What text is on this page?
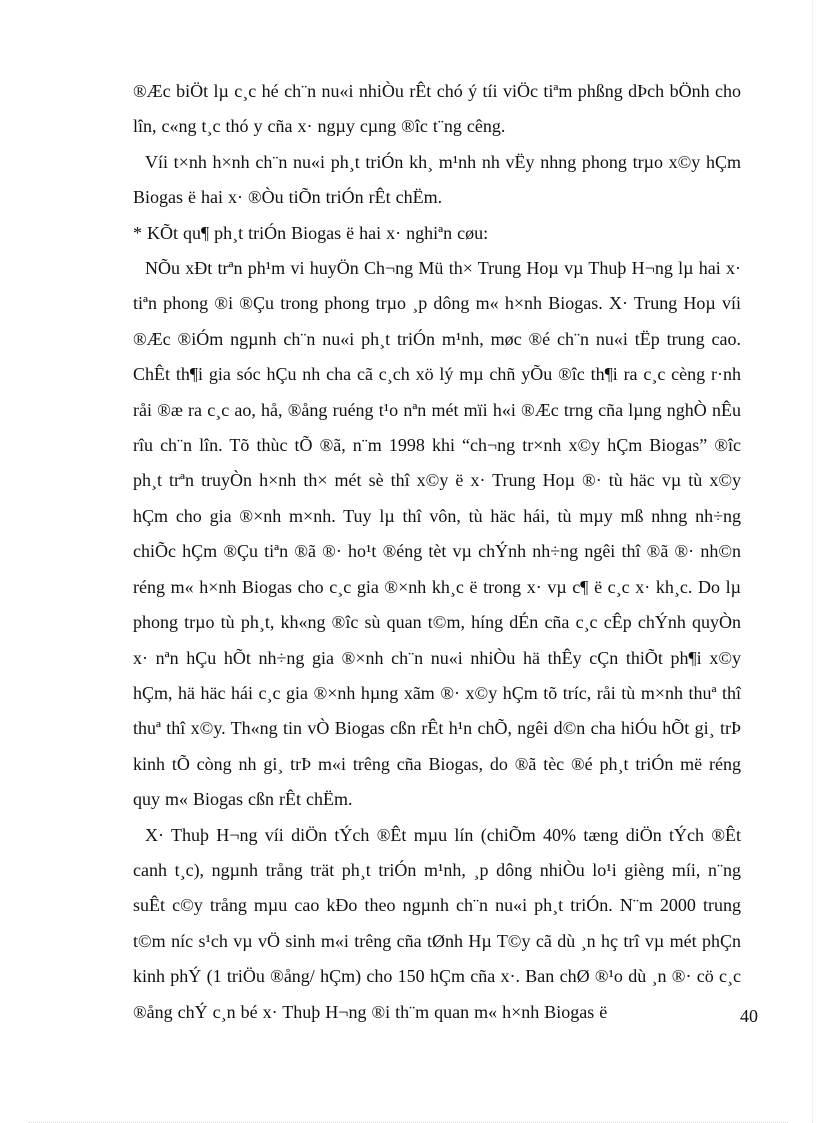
®Æc biÖt lµ c¸c hé ch¨n nu«i nhiÒu rÊt chó ý tíi viÖc tiªm phßng dÞch bÖnh cho lîn, c«ng t¸c thó y cña x· ngµy cµng ®îc t¨ng cêng.

Víi t×nh h×nh ch¨n nu«i ph¸t triÓn kh¸ m¹nh nh vËy nhng phong trµo x©y hÇm Biogas ë hai x· ®Òu tiÕn triÓn rÊt chËm.

* KÕt qu¶ ph¸t triÓn Biogas ë hai x· nghiªn cøu:

NÕu xÐt trªn ph¹m vi huyÖn Ch¬ng Mü th× Trung Hoµ vµ Thuþ H¬ng lµ hai x· tiªn phong ®i ®Çu trong phong trµo ¸p dông m« h×nh Biogas. X· Trung Hoµ víi ®Æc ®iÓm ngµnh ch¨n nu«i ph¸t triÓn m¹nh, møc ®é ch¨n nu«i tËp trung cao. ChÊt th¶i gia sóc hÇu nh cha cã c¸ch xö lý mµ chñ yÕu ®îc th¶i ra c¸c cèng r·nh råi ®æ ra c¸c ao, hå, ®ång ruéng t¹o nªn mét mïi h«i ®Æc trng cña lµng nghÒ nÊu rîu ch¨n lîn. Tõ thùc tÕ ®ã, n¨m 1998 khi “ch¬ng tr×nh x©y hÇm Biogas” ®îc ph¸t trªn truyÒn h×nh th× mét sè thî x©y ë x· Trung Hoµ ®· tù häc vµ tù x©y hÇm cho gia ®×nh m×nh. Tuy lµ thî vôn, tù häc hái, tù mµy mß nhng nh÷ng chiÕc hÇm ®Çu tiªn ®ã ®· ho¹t ®éng tèt vµ chÝnh nh÷ng ngêi thî ®ã ®· nh©n réng m« h×nh Biogas cho c¸c gia ®×nh kh¸c ë trong x· vµ c¶ ë c¸c x· kh¸c. Do lµ phong trµo tù ph¸t, kh«ng ®îc sù quan t©m, híng dÉn cña c¸c cÊp chÝnh quyÒn x· nªn hÇu hÕt nh÷ng gia ®×nh ch¨n nu«i nhiÒu hä thÊy cÇn thiÕt ph¶i x©y hÇm, hä häc hái c¸c gia ®×nh hµng xãm ®· x©y hÇm tõ tríc, råi tù m×nh thuª thî thuª thî x©y. Th«ng tin vÒ Biogas cßn rÊt h¹n chÕ, ngêi d©n cha hiÓu hÕt gi¸ trÞ kinh tÕ còng nh gi¸ trÞ m«i trêng cña Biogas, do ®ã tèc ®é ph¸t triÓn më réng quy m« Biogas cßn rÊt chËm.

X· Thuþ H¬ng víi diÖn tÝch ®Êt mµu lín (chiÕm 40% tæng diÖn tÝch ®Êt canh t¸c), ngµnh trång trät ph¸t triÓn m¹nh, ¸p dông nhiÒu lo¹i gièng míi, n¨ng suÊt c©y trång mµu cao kÐo theo ngµnh ch¨n nu«i ph¸t triÓn. N¨m 2000 trung t©m níc s¹ch vµ vÖ sinh m«i trêng cña tØnh Hµ T©y cã dù ¸n hç trî vµ mét phÇn kinh phÝ (1 triÖu ®ång/ hÇm) cho 150 hÇm cña x·. Ban chØ ®¹o dù ¸n ®· cö c¸c ®ång chÝ c¸n bé x· Thuþ H¬ng ®i th¨m quan m« h×nh Biogas ë	40
